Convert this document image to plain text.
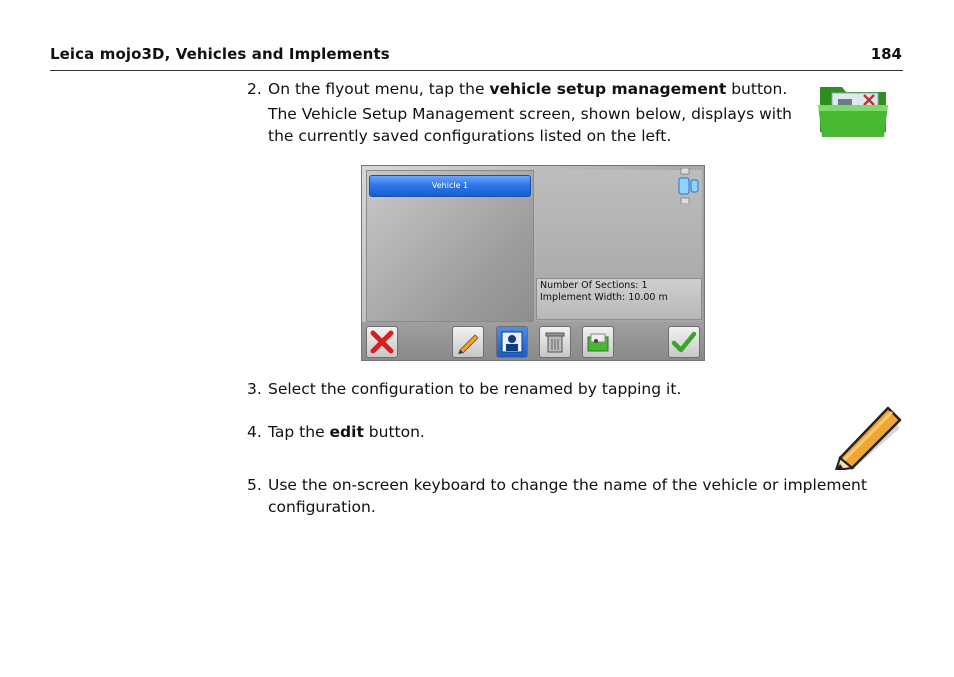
Leica mojo3D, Vehicles and Implements	184
2. On the flyout menu, tap the vehicle setup management button.
The Vehicle Setup Management screen, shown below, displays with
the currently saved configurations listed on the left.
Vehicle 1
Number Of Sections: 1
Implement Width: 10.00 m
3. Select the configuration to be renamed by tapping it.
4. Tap the edit button.
5. Use the on-screen keyboard to change the name of the vehicle or implement
configuration.
